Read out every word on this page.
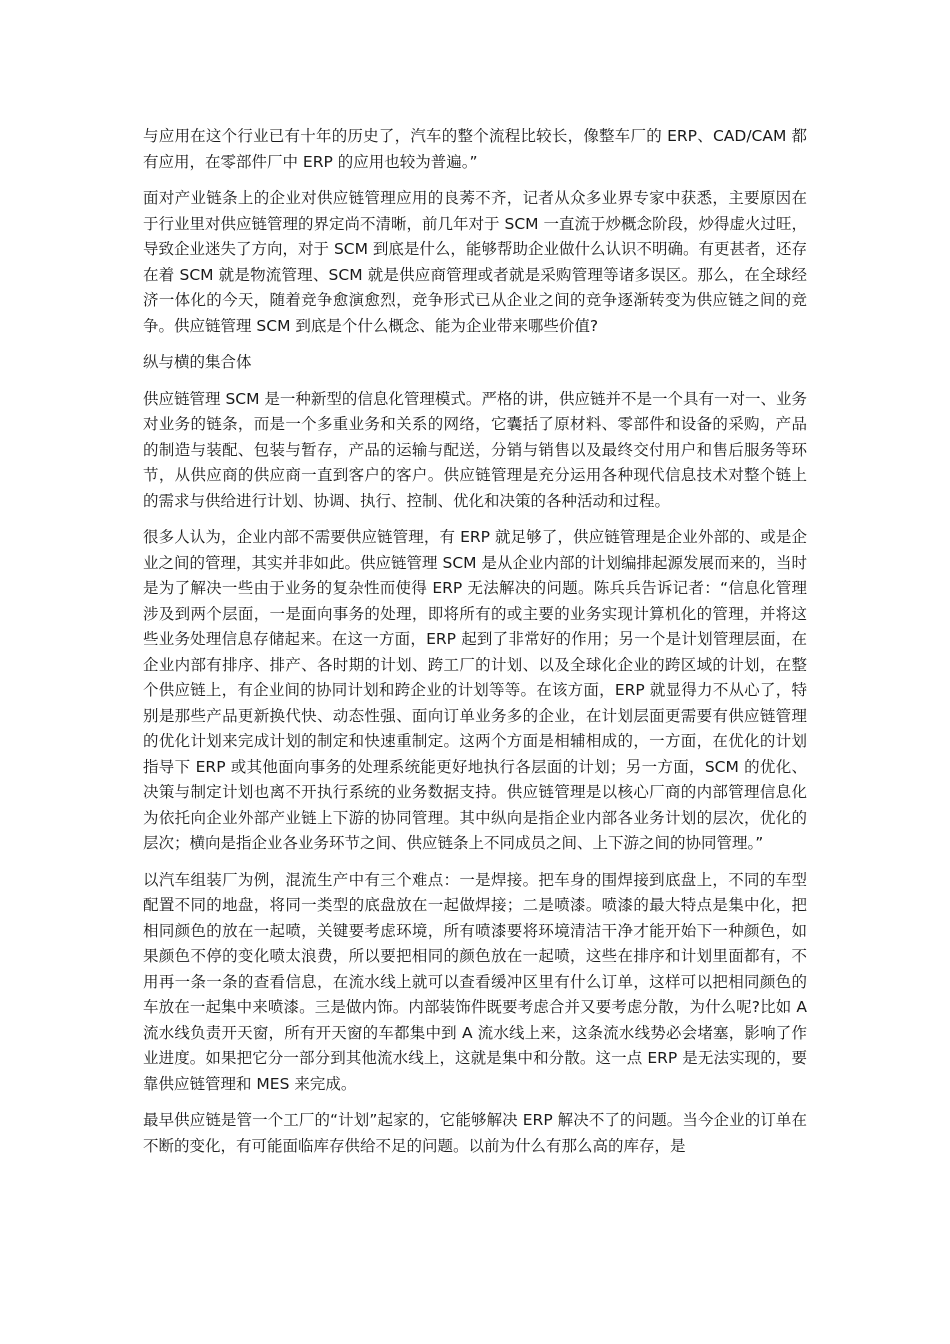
与应用在这个行业已有十年的历史了，汽车的整个流程比较长，像整车厂的 ERP、CAD/CAM 都有应用，在零部件厂中 ERP 的应用也较为普遍。”

面对产业链条上的企业对供应链管理应用的良莠不齐，记者从众多业界专家中获悉，主要原因在于行业里对供应链管理的界定尚不清晰，前几年对于 SCM 一直流于炒概念阶段，炒得虚火过旺，导致企业迷失了方向，对于 SCM 到底是什么，能够帮助企业做什么认识不明确。有更甚者，还存在着 SCM 就是物流管理、SCM 就是供应商管理或者就是采购管理等诸多误区。那么，在全球经济一体化的今天，随着竞争愈演愈烈，竞争形式已从企业之间的竞争逐渐转变为供应链之间的竞争。供应链管理 SCM 到底是个什么概念、能为企业带来哪些价值?

纵与横的集合体

供应链管理 SCM 是一种新型的信息化管理模式。严格的讲，供应链并不是一个具有一对一、业务对业务的链条，而是一个多重业务和关系的网络，它囊括了原材料、零部件和设备的采购，产品的制造与装配、包装与暂存，产品的运输与配送，分销与销售以及最终交付用户和售后服务等环节，从供应商的供应商一直到客户的客户。供应链管理是充分运用各种现代信息技术对整个链上的需求与供给进行计划、协调、执行、控制、优化和决策的各种活动和过程。

很多人认为，企业内部不需要供应链管理，有 ERP 就足够了，供应链管理是企业外部的、或是企业之间的管理，其实并非如此。供应链管理 SCM 是从企业内部的计划编排起源发展而来的，当时是为了解决一些由于业务的复杂性而使得 ERP 无法解决的问题。陈兵兵告诉记者：“信息化管理涉及到两个层面，一是面向事务的处理，即将所有的或主要的业务实现计算机化的管理，并将这些业务处理信息存储起来。在这一方面，ERP 起到了非常好的作用；另一个是计划管理层面，在企业内部有排序、排产、各时期的计划、跨工厂的计划、以及全球化企业的跨区域的计划，在整个供应链上，有企业间的协同计划和跨企业的计划等等。在该方面，ERP 就显得力不从心了，特别是那些产品更新换代快、动态性强、面向订单业务多的企业，在计划层面更需要有供应链管理的优化计划来完成计划的制定和快速重制定。这两个方面是相辅相成的，一方面，在优化的计划指导下 ERP 或其他面向事务的处理系统能更好地执行各层面的计划；另一方面，SCM 的优化、决策与制定计划也离不开执行系统的业务数据支持。供应链管理是以核心厂商的内部管理信息化为依托向企业外部产业链上下游的协同管理。其中纵向是指企业内部各业务计划的层次，优化的层次；横向是指企业各业务环节之间、供应链条上不同成员之间、上下游之间的协同管理。”

以汽车组装厂为例，混流生产中有三个难点：一是焊接。把车身的围焊接到底盘上，不同的车型配置不同的地盘，将同一类型的底盘放在一起做焊接；二是喷漆。喷漆的最大特点是集中化，把相同颜色的放在一起喷，关键要考虑环境，所有喷漆要将环境清洁干净才能开始下一种颜色，如果颜色不停的变化喷太浪费，所以要把相同的颜色放在一起喷，这些在排序和计划里面都有，不用再一条一条的查看信息，在流水线上就可以查看缓冲区里有什么订单，这样可以把相同颜色的车放在一起集中来喷漆。三是做内饰。内部装饰件既要考虑合并又要考虑分散，为什么呢?比如 A 流水线负责开天窗，所有开天窗的车都集中到 A 流水线上来，这条流水线势必会堵塞，影响了作业进度。如果把它分一部分到其他流水线上，这就是集中和分散。这一点 ERP 是无法实现的，要靠供应链管理和 MES 来完成。

最早供应链是管一个工厂的“计划”起家的，它能够解决 ERP 解决不了的问题。当今企业的订单在不断的变化，有可能面临库存供给不足的问题。以前为什么有那么高的库存，是
